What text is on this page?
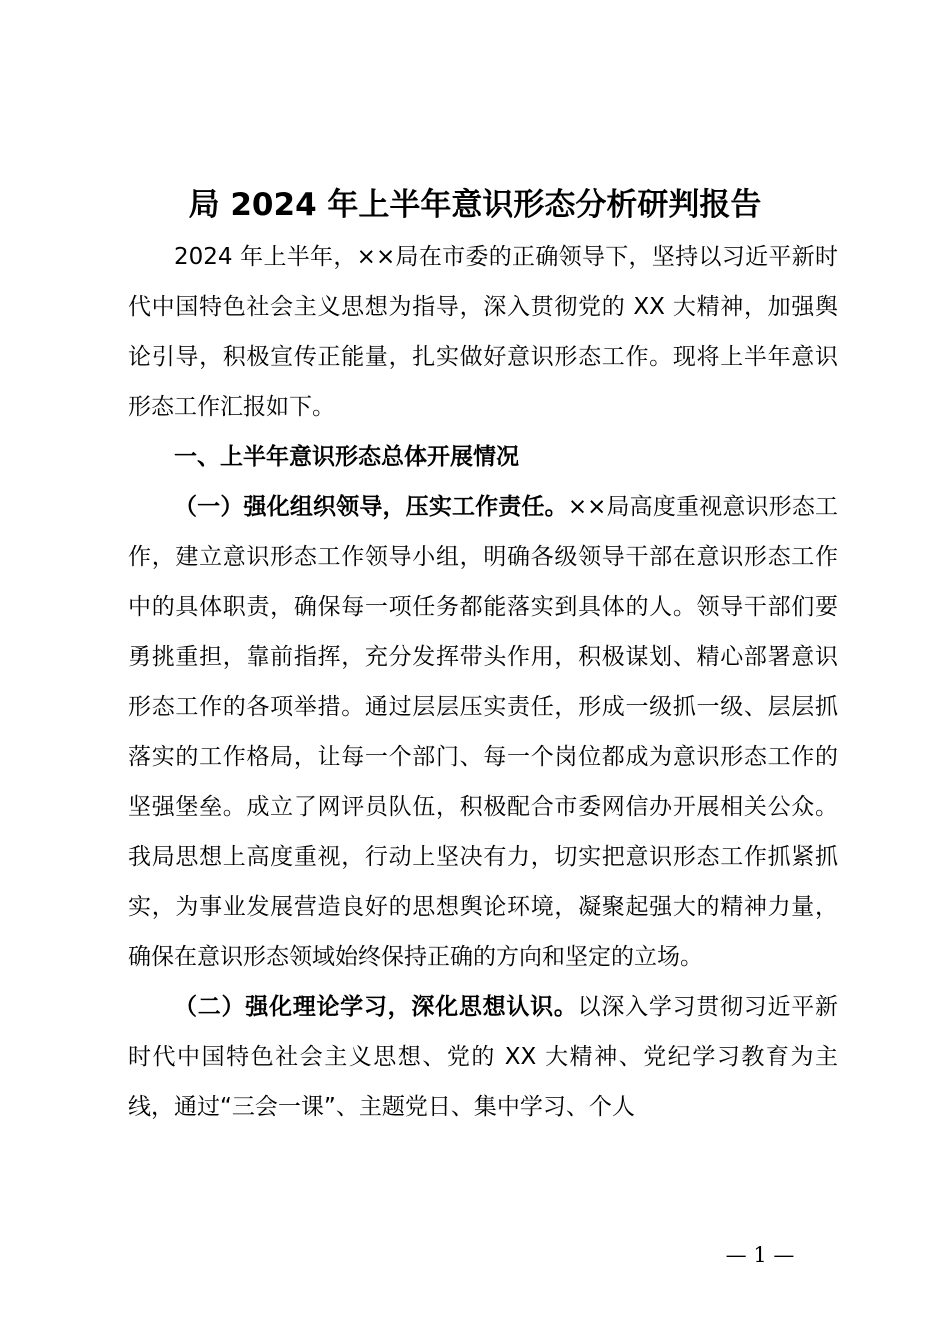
局 2024 年上半年意识形态分析研判报告

2024 年上半年，××局在市委的正确领导下，坚持以习近平新时代中国特色社会主义思想为指导，深入贯彻党的 XX 大精神，加强舆论引导，积极宣传正能量，扎实做好意识形态工作。现将上半年意识形态工作汇报如下。

一、上半年意识形态总体开展情况

（一）强化组织领导，压实工作责任。××局高度重视意识形态工作，建立意识形态工作领导小组，明确各级领导干部在意识形态工作中的具体职责，确保每一项任务都能落实到具体的人。领导干部们要勇挑重担，靠前指挥，充分发挥带头作用，积极谋划、精心部署意识形态工作的各项举措。通过层层压实责任，形成一级抓一级、层层抓落实的工作格局，让每一个部门、每一个岗位都成为意识形态工作的坚强堡垒。成立了网评员队伍，积极配合市委网信办开展相关公众。我局思想上高度重视，行动上坚决有力，切实把意识形态工作抓紧抓实，为事业发展营造良好的思想舆论环境，凝聚起强大的精神力量，确保在意识形态领域始终保持正确的方向和坚定的立场。

（二）强化理论学习，深化思想认识。以深入学习贯彻习近平新时代中国特色社会主义思想、党的 XX 大精神、党纪学习教育为主线，通过“三会一课”、主题党日、集中学习、个人

— 1 —
